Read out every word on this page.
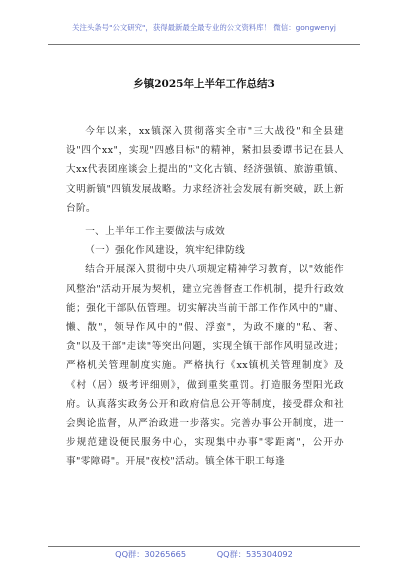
关注头条号"公文研究"，获得最新最全最专业的公文资料库！ 微信：gongwenyj
乡镇2025年上半年工作总结3

今年以来，xx镇深入贯彻落实全市"三大战役"和全县建设"四个xx"，实现"四感目标"的精神，紧扣县委谭书记在县人大xx代表团座谈会上提出的"文化古镇、经济强镇、旅游重镇、文明新镇"四镇发展战略。力求经济社会发展有新突破，跃上新台阶。

一、上半年工作主要做法与成效

（一）强化作风建设，筑牢纪律防线

结合开展深入贯彻中央八项规定精神学习教育，以"效能作风整治"活动开展为契机，建立完善督查工作机制，提升行政效能；强化干部队伍管理。切实解决当前干部工作作风中的"庸、懒、散"，领导作风中的"假、浮蛮"，为政不廉的"私、奢、贪"以及干部"走读"等突出问题，实现全镇干部作风明显改进；严格机关管理制度实施。严格执行《xx镇机关管理制度》及《村（居）级考评细则》，做到重奖重罚。打造服务型阳光政府。认真落实政务公开和政府信息公开等制度，接受群众和社会舆论监督，从严治政进一步落实。完善办事公开制度，进一步规范建设便民服务中心，实现集中办事"零距离"，公开办事"零障碍"。开展"夜校"活动。镇全体干职工每逢

QQ群：30265665	QQ群：535304092
